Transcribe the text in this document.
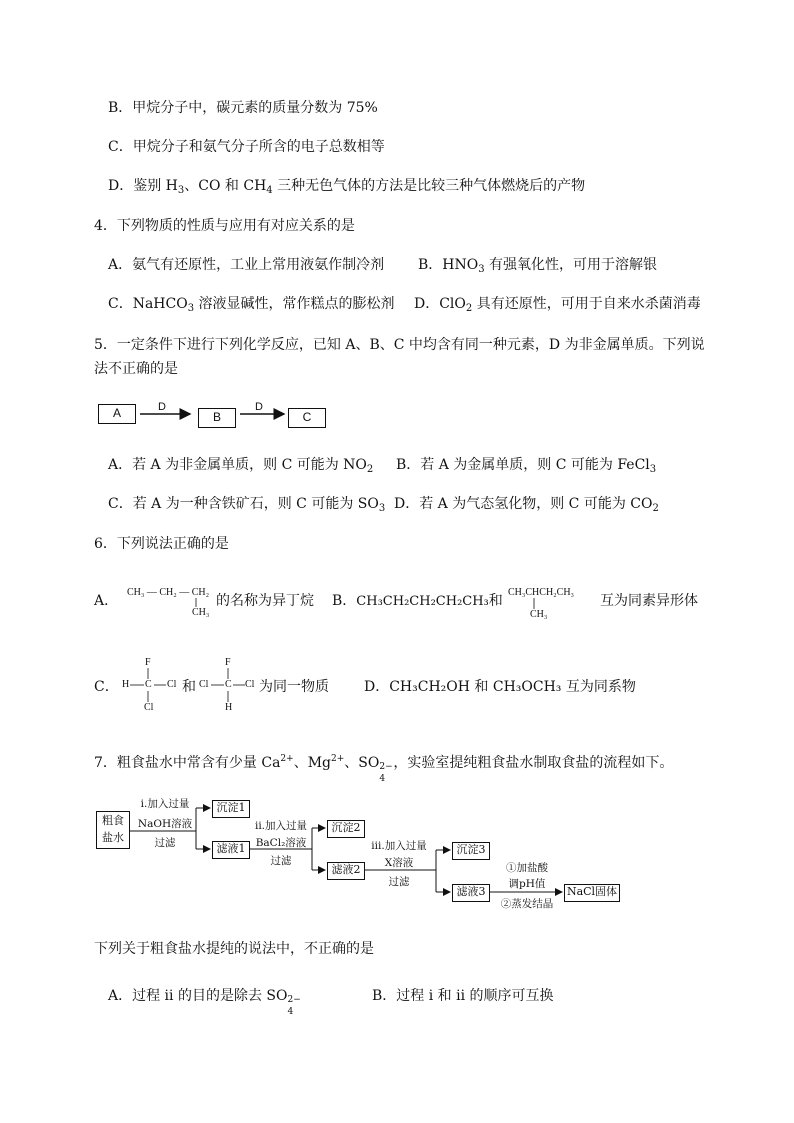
B．甲烷分子中，碳元素的质量分数为 75%
C．甲烷分子和氨气分子所含的电子总数相等
D．鉴别 $H_3$、CO 和 $CH_4$ 三种无色气体的方法是比较三种气体燃烧后的产物
4．下列物质的性质与应用有对应关系的是
A．氨气有还原性，工业上常用液氨作制冷剂 B．$HNO_3$ 有强氧化性，可用于溶解银
C．NaHCO$_3$ 溶液显碱性，常作糕点的膨松剂 D．ClO$_2$ 具有还原性，可用于自来水杀菌消毒
5．一定条件下进行下列化学反应，已知 A、B、C 中均含有同一种元素，D 为非金属单质。下列说
法不正确的是
A	B	C
D	D
A．若 A 为非金属单质，则 C 可能为 $NO_2$ B．若 A 为金属单质，则 C 可能为 FeCl$_3$
C．若 A 为一种含铁矿石，则 C 可能为 $SO_3$ D．若 A 为气态氢化物，则 C 可能为 $CO_2$
6．下列说法正确的是
A．
CH₃ — CH₂ — CH₂
CH₃
的名称为异丁烷 B．CH₃CH₂CH₂CH₂CH₃和
CH₃CHCH₂CH₃
CH₃
互为同素异形体
C．
F
H C Cl
Cl
和
F
Cl C Cl
H
为同一物质	D．CH₃CH₂OH 和 CH₃OCH₃ 互为同系物
7．粗食盐水中常含有少量 $Ca^{2+}$、$Mg^{2+}$、SO 2−
4
，实验室提纯粗食盐水制取食盐的流程如下。
粗食
盐水
i.加入过量
NaOH溶液
过滤
沉淀1
滤液1
ii.加入过量
BaCl₂溶液
过滤
沉淀2
滤液2
iii.加入过量
X溶液
过滤
沉淀3
滤液3
①加盐酸
调pH值
②蒸发结晶
NaCl固体
下列关于粗食盐水提纯的说法中，不正确的是
A．过程 ⅱ 的目的是除去 SO 2−
4
B．过程 i 和 ⅱ 的顺序可互换
